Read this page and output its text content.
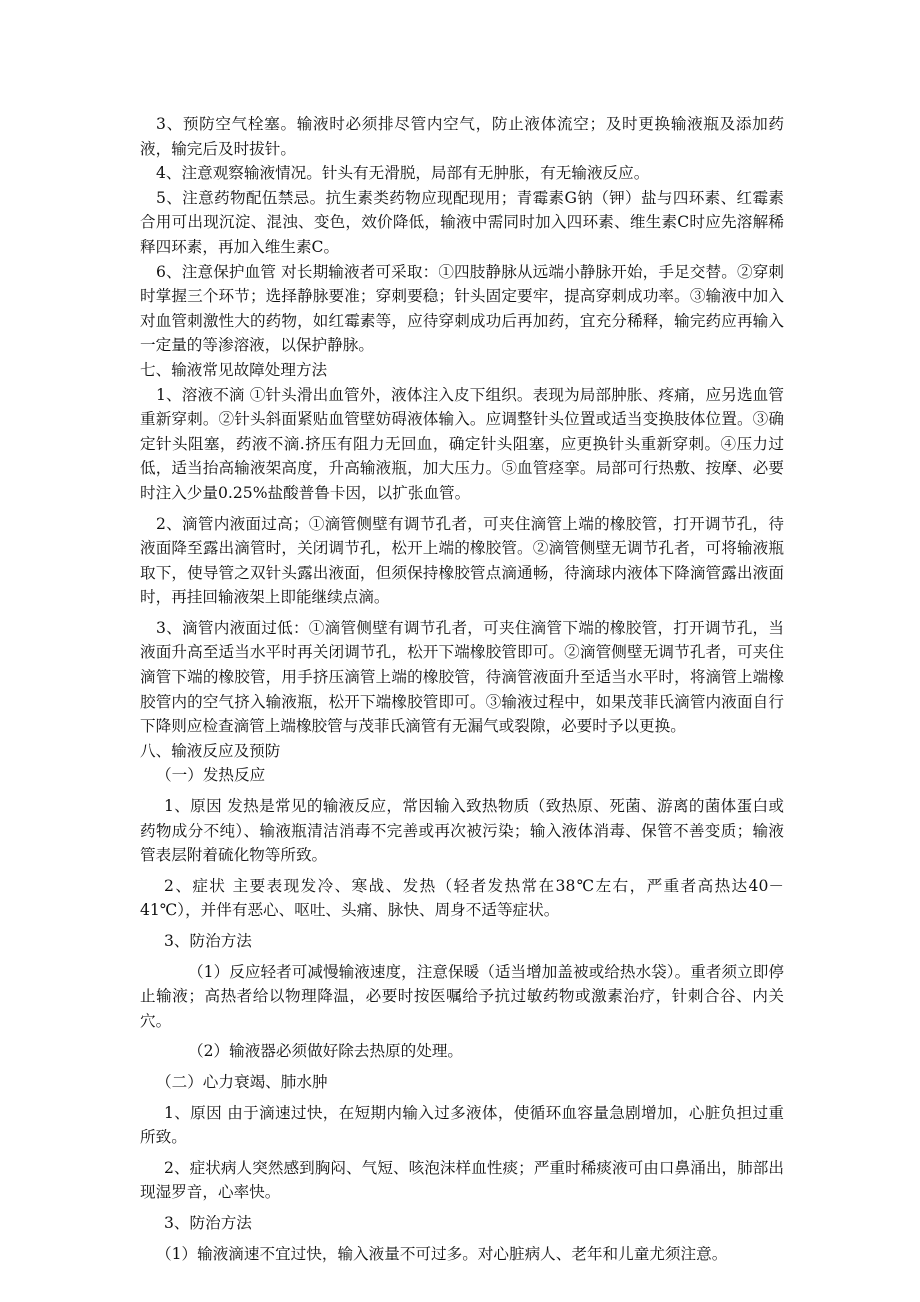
3、预防空气栓塞。输液时必须排尽管内空气，防止液体流空；及时更换输液瓶及添加药液，输完后及时拔针。

4、注意观察输液情况。针头有无滑脱，局部有无肿胀，有无输液反应。

5、注意药物配伍禁忌。抗生素类药物应现配现用；青霉素G钠（钾）盐与四环素、红霉素合用可出现沉淀、混浊、变色，效价降低，输液中需同时加入四环素、维生素C时应先溶解稀释四环素，再加入维生素C。

6、注意保护血管 对长期输液者可采取：①四肢静脉从远端小静脉开始，手足交替。②穿刺时掌握三个环节；选择静脉要准；穿刺要稳；针头固定要牢，提高穿刺成功率。③输液中加入对血管刺激性大的药物，如红霉素等，应待穿刺成功后再加药，宜充分稀释，输完药应再输入一定量的等渗溶液，以保护静脉。

七、输液常见故障处理方法

1、溶液不滴 ①针头滑出血管外，液体注入皮下组织。表现为局部肿胀、疼痛，应另选血管重新穿刺。②针头斜面紧贴血管壁妨碍液体输入。应调整针头位置或适当变换肢体位置。③确定针头阻塞，药液不滴.挤压有阻力无回血，确定针头阻塞，应更换针头重新穿刺。④压力过低，适当抬高输液架高度，升高输液瓶，加大压力。⑤血管痉挛。局部可行热敷、按摩、必要时注入少量0.25%盐酸普鲁卡因，以扩张血管。

2、滴管内液面过高；①滴管侧壁有调节孔者，可夹住滴管上端的橡胶管，打开调节孔，待液面降至露出滴管时，关闭调节孔，松开上端的橡胶管。②滴管侧壁无调节孔者，可将输液瓶取下，使导管之双针头露出液面，但须保持橡胶管点滴通畅，待滴球内液体下降滴管露出液面时，再挂回输液架上即能继续点滴。

3、滴管内液面过低：①滴管侧壁有调节孔者，可夹住滴管下端的橡胶管，打开调节孔，当液面升高至适当水平时再关闭调节孔，松开下端橡胶管即可。②滴管侧壁无调节孔者，可夹住滴管下端的橡胶管，用手挤压滴管上端的橡胶管，待滴管液面升至适当水平时，将滴管上端橡胶管内的空气挤入输液瓶，松开下端橡胶管即可。③输液过程中，如果茂菲氏滴管内液面自行下降则应检查滴管上端橡胶管与茂菲氏滴管有无漏气或裂隙，必要时予以更换。

八、输液反应及预防

（一）发热反应

1、原因 发热是常见的输液反应，常因输入致热物质（致热原、死菌、游离的菌体蛋白或药物成分不纯）、输液瓶清洁消毒不完善或再次被污染；输入液体消毒、保管不善变质；输液管表层附着硫化物等所致。

2、症状 主要表现发冷、寒战、发热（轻者发热常在38℃左右，严重者高热达40－41℃），并伴有恶心、呕吐、头痛、脉快、周身不适等症状。

3、防治方法

（1）反应轻者可减慢输液速度，注意保暖（适当增加盖被或给热水袋）。重者须立即停止输液；高热者给以物理降温，必要时按医嘱给予抗过敏药物或激素治疗，针刺合谷、内关穴。

（2）输液器必须做好除去热原的处理。

（二）心力衰竭、肺水肿

1、原因 由于滴速过快，在短期内输入过多液体，使循环血容量急剧增加，心脏负担过重所致。

2、症状病人突然感到胸闷、气短、咳泡沫样血性痰；严重时稀痰液可由口鼻涌出，肺部出现湿罗音，心率快。

3、防治方法

（1）输液滴速不宜过快，输入液量不可过多。对心脏病人、老年和儿童尤须注意。
